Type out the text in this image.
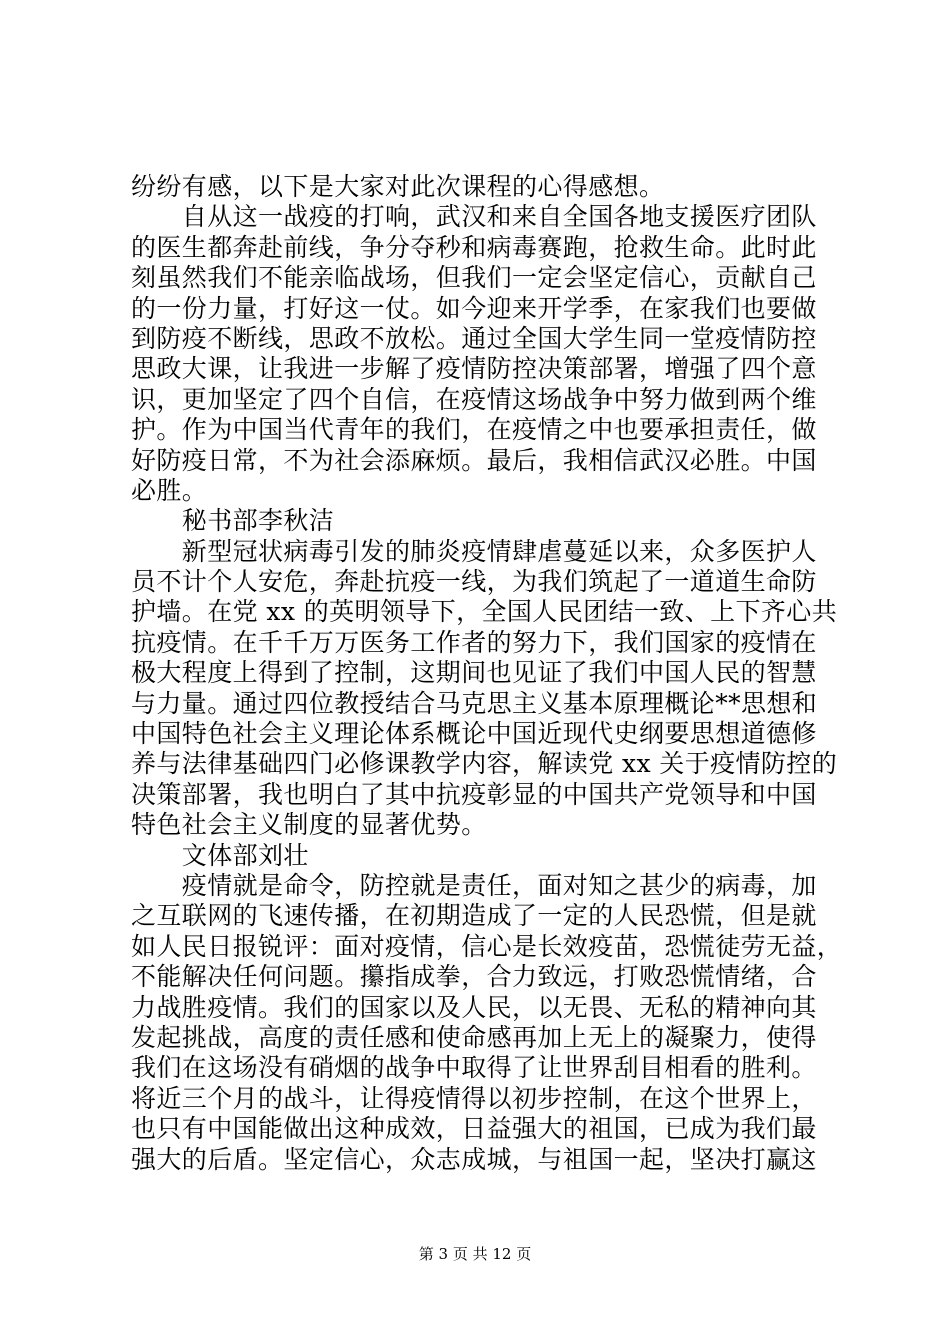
纷纷有感，以下是大家对此次课程的心得感想。
　　自从这一战疫的打响，武汉和来自全国各地支援医疗团队
的医生都奔赴前线，争分夺秒和病毒赛跑，抢救生命。此时此
刻虽然我们不能亲临战场，但我们一定会坚定信心，贡献自己
的一份力量，打好这一仗。如今迎来开学季，在家我们也要做
到防疫不断线，思政不放松。通过全国大学生同一堂疫情防控
思政大课，让我进一步解了疫情防控决策部署，增强了四个意
识，更加坚定了四个自信，在疫情这场战争中努力做到两个维
护。作为中国当代青年的我们，在疫情之中也要承担责任，做
好防疫日常，不为社会添麻烦。最后，我相信武汉必胜。中国
必胜。
　　秘书部李秋洁
　　新型冠状病毒引发的肺炎疫情肆虐蔓延以来，众多医护人
员不计个人安危，奔赴抗疫一线，为我们筑起了一道道生命防
护墙。在党 xx 的英明领导下，全国人民团结一致、上下齐心共
抗疫情。在千千万万医务工作者的努力下，我们国家的疫情在
极大程度上得到了控制，这期间也见证了我们中国人民的智慧
与力量。通过四位教授结合马克思主义基本原理概论**思想和
中国特色社会主义理论体系概论中国近现代史纲要思想道德修
养与法律基础四门必修课教学内容，解读党 xx 关于疫情防控的
决策部署，我也明白了其中抗疫彰显的中国共产党领导和中国
特色社会主义制度的显著优势。
　　文体部刘壮
　　疫情就是命令，防控就是责任，面对知之甚少的病毒，加
之互联网的飞速传播，在初期造成了一定的人民恐慌，但是就
如人民日报锐评：面对疫情，信心是长效疫苗，恐慌徒劳无益，
不能解决任何问题。攥指成拳，合力致远，打败恐慌情绪，合
力战胜疫情。我们的国家以及人民，以无畏、无私的精神向其
发起挑战，高度的责任感和使命感再加上无上的凝聚力，使得
我们在这场没有硝烟的战争中取得了让世界刮目相看的胜利。
将近三个月的战斗，让得疫情得以初步控制，在这个世界上，
也只有中国能做出这种成效，日益强大的祖国，已成为我们最
强大的后盾。坚定信心，众志成城，与祖国一起，坚决打赢这
第 3 页 共 12 页
